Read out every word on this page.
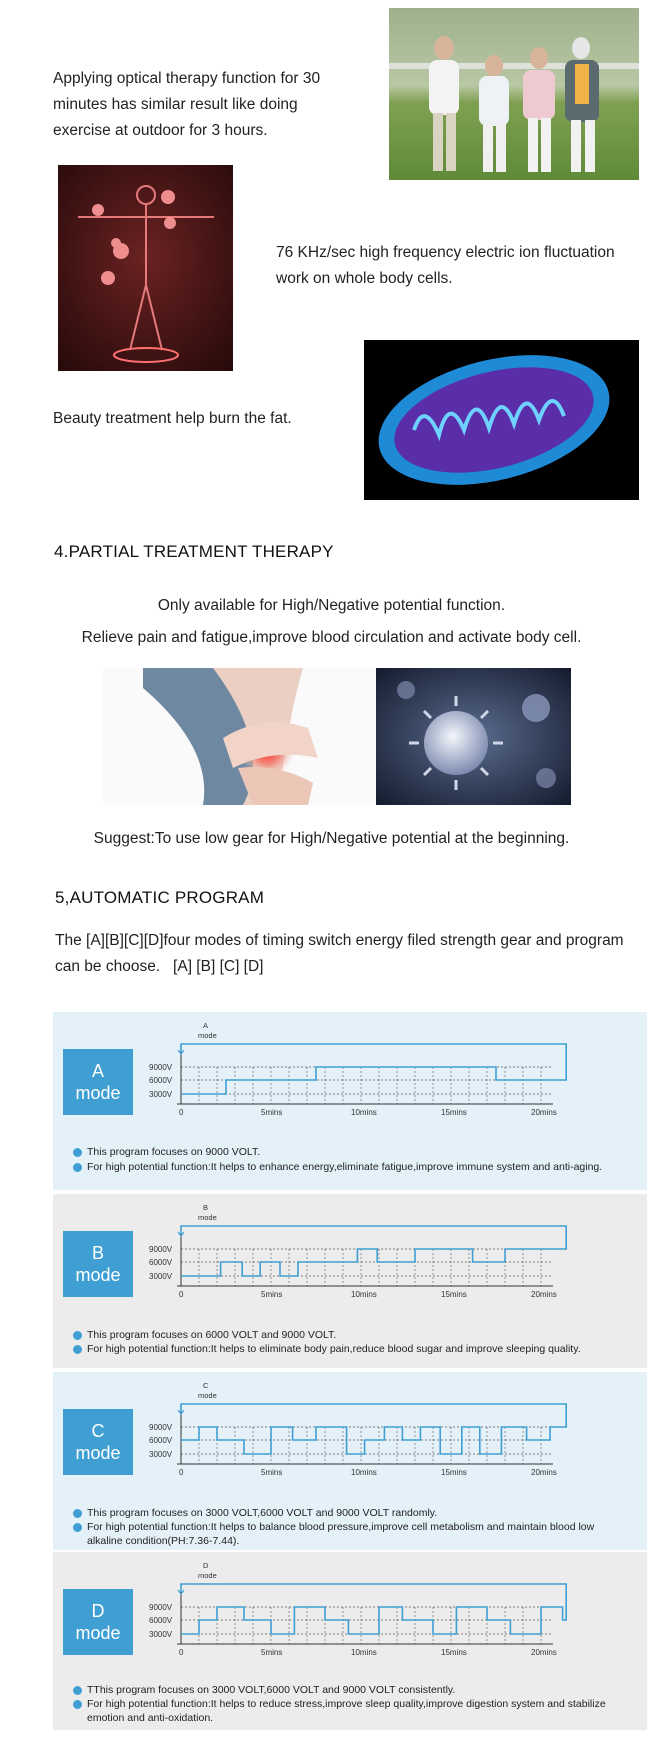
Applying optical therapy function for 30 minutes has similar result like doing exercise at outdoor for 3 hours.
76 KHz/sec high frequency electric ion fluctuation work on whole body cells.
Beauty treatment help burn the fat.
4.PARTIAL TREATMENT THERAPY
Only available for High/Negative potential function.
Relieve pain and fatigue,improve blood circulation and activate body cell.
Suggest:To use low gear for High/Negative potential at the beginning.
5,AUTOMATIC PROGRAM
The [A][B][C][D]four modes of timing switch energy filed strength gear and program can be choose.   [A] [B] [C] [D]
A
mode
A
mode
9000V
6000V
3000V
0	5mins	10mins	15mins	20mins
This program focuses on 9000 VOLT.
For high potential function:It helps to enhance energy,eliminate fatigue,improve immune system and anti-aging.
B
mode
B
mode
9000V
6000V
3000V
0	5mins	10mins	15mins	20mins
This program focuses on 6000 VOLT and 9000 VOLT.
For high potential function:It helps to eliminate body pain,reduce blood sugar and improve sleeping quality.
C
mode
C
mode
9000V
6000V
3000V
0	5mins	10mins	15mins	20mins
This program focuses on 3000 VOLT,6000 VOLT and 9000 VOLT randomly.
For high potential function:It helps to balance blood pressure,improve cell metabolism and maintain blood low alkaline condition(PH:7.36-7.44).
D
mode
D
mode
9000V
6000V
3000V
0	5mins	10mins	15mins	20mins
TThis program focuses on 3000 VOLT,6000 VOLT and 9000 VOLT consistently.
For high potential function:It helps to reduce stress,improve sleep quality,improve digestion system and stabilize emotion and anti-oxidation.
